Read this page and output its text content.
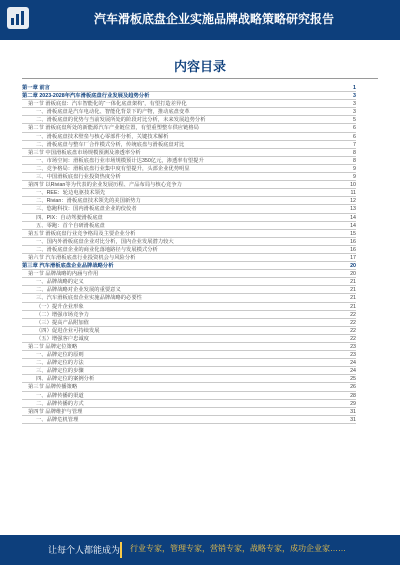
汽车滑板底盘企业实施品牌战略策略研究报告
内容目录
第一章 前言	1
第二章 2023-2028年汽车滑板底盘行业发展及趋势分析	3
第一节 滑板底盘：汽车智能化的“一体化底盘架构”，有望打造差异化	3
一、滑板底盘是汽车电动化、智能化背景下的产物，推动底盘变革	3
二、滑板底盘的优势与当前发展所处的阶段对比分析，未来发展趋势分析	5
第二节 滑板底盘所处的新能源汽车产业链位置，有望重塑整车供应链格局	6
一、滑板底盘技术壁垒与核心零部件分析，关键技术解析	6
二、滑板底盘与整车厂合作模式分析，传统底盘与滑板底盘对比	7
第三节 中国滑板底盘市场规模预测及渗透率分析	8
一、市场空间：滑板底盘行业市场规模预计达350亿元，渗透率有望提升	8
二、竞争格局：滑板底盘行业集中度有望提升，头部企业优势明显	9
三、中国滑板底盘行业投资热度分析	9
第四节 以Rivian等为代表的企业发展历程、产品布局与核心竞争力	10
一、REE：轮边电驱技术领先	11
二、Rivian：滑板底盘技术领先的美国新势力	12
三、悠跑科技：国内滑板底盘企业的佼佼者	13
四、PIX：自动驾驶滑板底盘	14
五、零跑：首个自研滑板底盘	14
第五节 滑板底盘行业竞争格局及主要企业分析	15
一、国内外滑板底盘企业对比分析，国内企业发展潜力较大	16
二、滑板底盘企业的商业化落地路径与发展模式分析	16
第六节 汽车滑板底盘行业投资机会与风险分析	17
第三章 汽车滑板底盘企业品牌战略分析	20
第一节 品牌战略的内涵与作用	20
一、品牌战略的定义	21
二、品牌战略对企业发展的重要意义	21
三、汽车滑板底盘企业实施品牌战略的必要性	21
（一）提升企业形象	21
（二）增强市场竞争力	22
（三）提高产品附加值	22
（四）促进企业可持续发展	22
（五）增强客户忠诚度	22
第二节 品牌定位策略	23
一、品牌定位的原则	23
二、品牌定位的方法	24
三、品牌定位的步骤	24
四、品牌定位的案例分析	25
第三节 品牌传播策略	26
一、品牌传播的渠道	28
二、品牌传播的方式	29
第四节 品牌维护与管理	31
一、品牌危机管理	31
让每个人都能成为 行业专家，管理专家，营销专家，战略专家，成功企业家……
